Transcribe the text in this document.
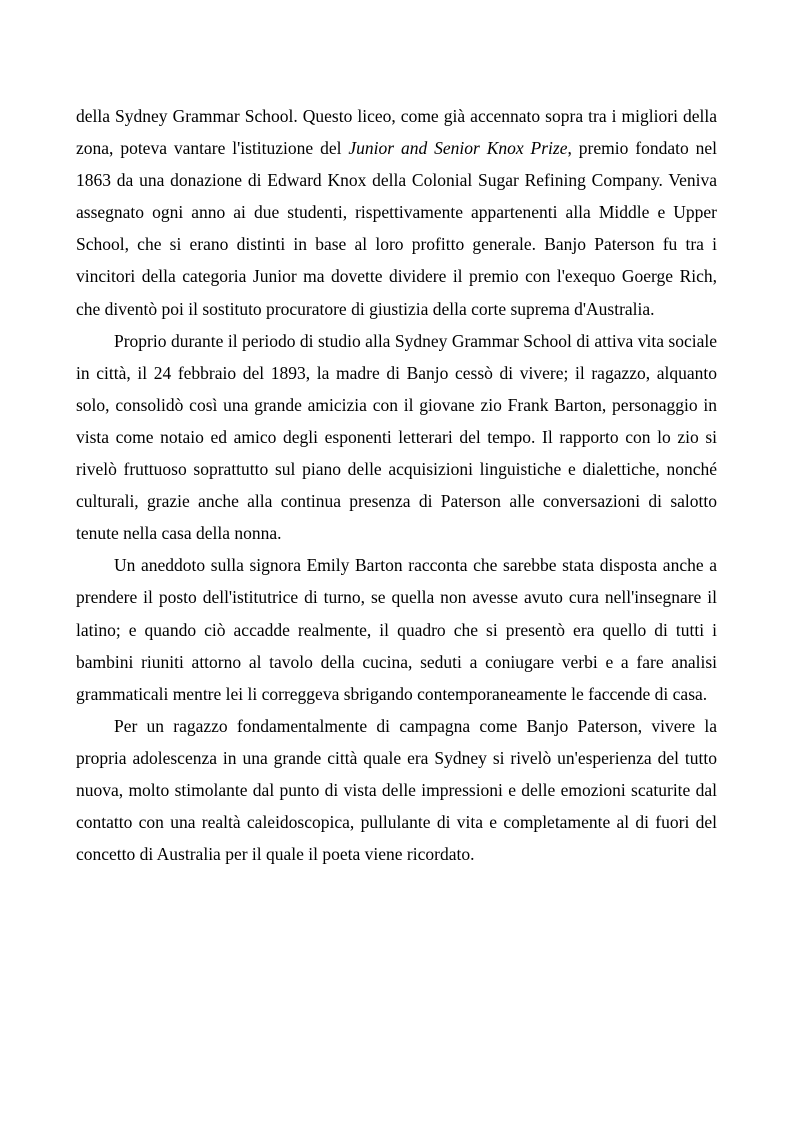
della Sydney Grammar School. Questo liceo, come già accennato sopra tra i migliori della zona, poteva vantare l'istituzione del Junior and Senior Knox Prize, premio fondato nel 1863 da una donazione di Edward Knox della Colonial Sugar Refining Company. Veniva assegnato ogni anno ai due studenti, rispettivamente appartenenti alla Middle e Upper School, che si erano distinti in base al loro profitto generale. Banjo Paterson fu tra i vincitori della categoria Junior ma dovette dividere il premio con l'exequo Goerge Rich, che diventò poi il sostituto procuratore di giustizia della corte suprema d'Australia.

Proprio durante il periodo di studio alla Sydney Grammar School di attiva vita sociale in città, il 24 febbraio del 1893, la madre di Banjo cessò di vivere; il ragazzo, alquanto solo, consolidò così una grande amicizia con il giovane zio Frank Barton, personaggio in vista come notaio ed amico degli esponenti letterari del tempo. Il rapporto con lo zio si rivelò fruttuoso soprattutto sul piano delle acquisizioni linguistiche e dialettiche, nonché culturali, grazie anche alla continua presenza di Paterson alle conversazioni di salotto tenute nella casa della nonna.

Un aneddoto sulla signora Emily Barton racconta che sarebbe stata disposta anche a prendere il posto dell'istitutrice di turno, se quella non avesse avuto cura nell'insegnare il latino; e quando ciò accadde realmente, il quadro che si presentò era quello di tutti i bambini riuniti attorno al tavolo della cucina, seduti a coniugare verbi e a fare analisi grammaticali mentre lei li correggeva sbrigando contemporaneamente le faccende di casa.

Per un ragazzo fondamentalmente di campagna come Banjo Paterson, vivere la propria adolescenza in una grande città quale era Sydney si rivelò un'esperienza del tutto nuova, molto stimolante dal punto di vista delle impressioni e delle emozioni scaturite dal contatto con una realtà caleidoscopica, pullulante di vita e completamente al di fuori del concetto di Australia per il quale il poeta viene ricordato.
